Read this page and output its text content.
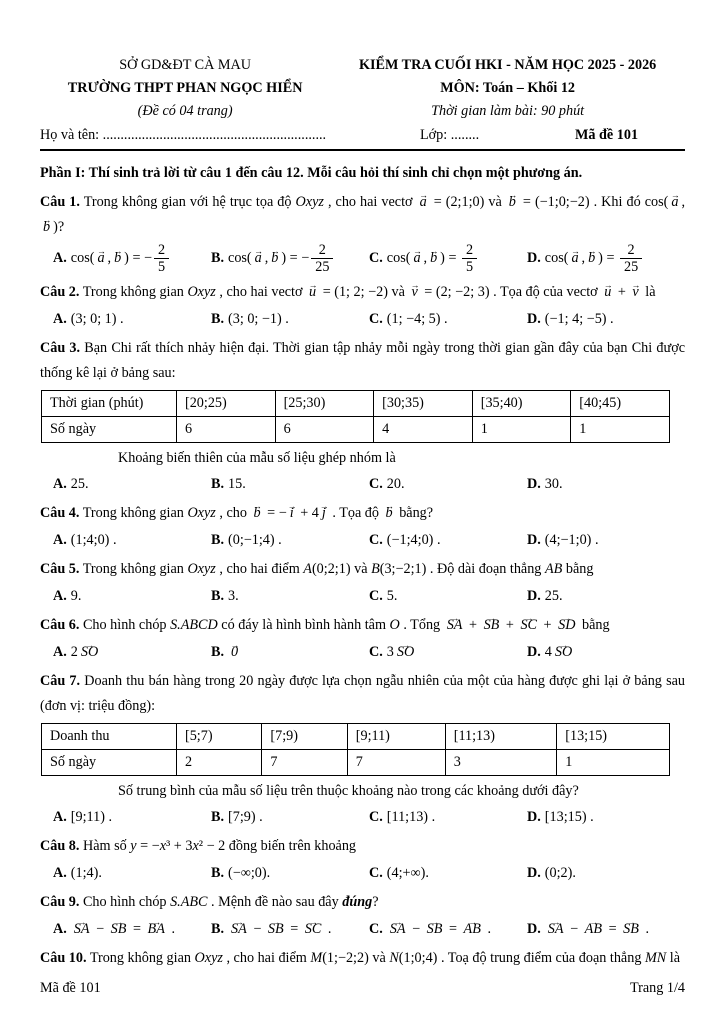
SỞ GD&ĐT CÀ MAU
TRƯỜNG THPT PHAN NGỌC HIỂN
(Đề có 04 trang)
KIỂM TRA CUỐI HKI - NĂM HỌC 2025 - 2026
MÔN: Toán – Khối 12
Thời gian làm bài: 90 phút
Họ và tên: ...............................................................	Lớp: ........	Mã đề 101

Phần I: Thí sinh trả lời từ câu 1 đến câu 12. Mỗi câu hỏi thí sinh chỉ chọn một phương án.

Câu 1. Trong không gian với hệ trục tọa độ Oxyz , cho hai vectơ a → = (2;1;0) và b → = (−1;0;−2) . Khi đó cos( a → ,b → )?

A. cos( a → , b → ) = − $\frac{2}{5}$	B. cos( a → , b → ) = − $\frac{2}{25}$	C. cos( a → , b → ) = $\frac{2}{5}$	D. cos( a → , b → ) = $\frac{2}{25}$

Câu 2. Trong không gian Oxyz , cho hai vectơ u → = (1; 2; −2) và v → = (2; −2; 3) . Tọa độ của vectơ u → + v → là

A. (3; 0; 1) .	B. (3; 0; −1) .	C. (1; −4; 5) .	D. (−1; 4; −5) .

Câu 3. Bạn Chi rất thích nhảy hiện đại. Thời gian tập nhảy mỗi ngày trong thời gian gần đây của bạn Chi được thống kê lại ở bảng sau:

Thời gian (phút)	[20;25)	[25;30)	[30;35)	[35;40)	[40;45)
Số ngày	6	6	4	1	1

Khoảng biến thiên của mẫu số liệu ghép nhóm là

A. 25.	B. 15.	C. 20.	D. 30.

Câu 4. Trong không gian Oxyz , cho b → = − i → + 4 j → . Tọa độ b → bằng?

A. (1;4;0) .	B. (0;−1;4) .	C. (−1;4;0) .	D. (4;−1;0) .

Câu 5. Trong không gian Oxyz , cho hai điểm A(0;2;1) và B(3;−2;1) . Độ dài đoạn thẳng AB bằng

A. 9.	B. 3.	C. 5.	D. 25.

Câu 6. Cho hình chóp S.ABCD có đáy là hình bình hành tâm O . Tổng SA → + SB → + SC → + SD → bằng

A. 2 SO →	B. 0 →	C. 3 SO →	D. 4 SO →

Câu 7. Doanh thu bán hàng trong 20 ngày được lựa chọn ngẫu nhiên của một của hàng được ghi lại ở bảng sau (đơn vị: triệu đồng):

Doanh thu	[5;7)	[7;9)	[9;11)	[11;13)	[13;15)
Số ngày	2	7	7	3	1

Số trung bình của mẫu số liệu trên thuộc khoảng nào trong các khoảng dưới đây?

A. [9;11) .	B. [7;9) .	C. [11;13) .	D. [13;15) .

Câu 8. Hàm số y = −x³ + 3x² − 2 đồng biến trên khoảng

A. (1;4).	B. (−∞;0).	C. (4;+∞).	D. (0;2).

Câu 9. Cho hình chóp S.ABC . Mệnh đề nào sau đây đúng?

A. SA → − SB → = BA → .	B. SA → − SB → = SC → .	C. SA → − SB → = AB → .	D. SA → − AB → = SB → .

Câu 10. Trong không gian Oxyz , cho hai điểm M(1;−2;2) và N(1;0;4) . Toạ độ trung điểm của đoạn thẳng MN là

Mã đề 101	Trang 1/4
